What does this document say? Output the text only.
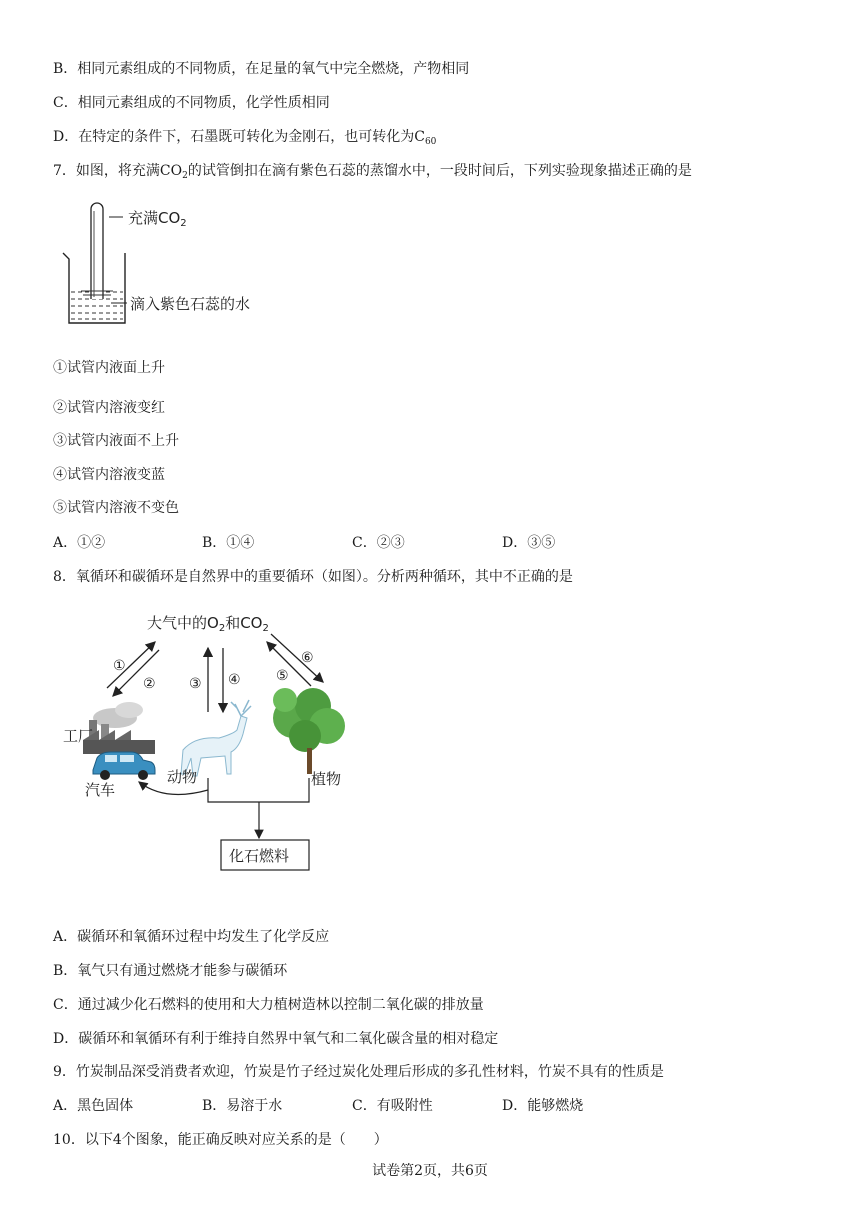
B．相同元素组成的不同物质，在足量的氧气中完全燃烧，产物相同
C．相同元素组成的不同物质，化学性质相同
D．在特定的条件下，石墨既可转化为金刚石，也可转化为$C_{60}$
7．如图，将充满$CO_2$的试管倒扣在滴有紫色石蕊的蒸馏水中，一段时间后，下列实验现象描述正确的是
充满$CO_2$
滴入紫色石蕊的水
①试管内液面上升
②试管内溶液变红
③试管内液面不上升
④试管内溶液变蓝
⑤试管内溶液不变色
A．①②	B．①④	C．②③	D．③⑤
8．氧循环和碳循环是自然界中的重要循环（如图）。分析两种循环，其中不正确的是
大气中的$O_2$和$CO_2$
①
② ③ ④	⑤
⑥
工厂
汽车
动物	植物
化石燃料
A．碳循环和氧循环过程中均发生了化学反应
B．氧气只有通过燃烧才能参与碳循环
C．通过减少化石燃料的使用和大力植树造林以控制二氧化碳的排放量
D．碳循环和氧循环有利于维持自然界中氧气和二氧化碳含量的相对稳定
9．竹炭制品深受消费者欢迎，竹炭是竹子经过炭化处理后形成的多孔性材料，竹炭不具有的性质是
A．黑色固体	B．易溶于水	C．有吸附性	D．能够燃烧
10．以下4个图象，能正确反映对应关系的是（　　）
试卷第2页，共6页
